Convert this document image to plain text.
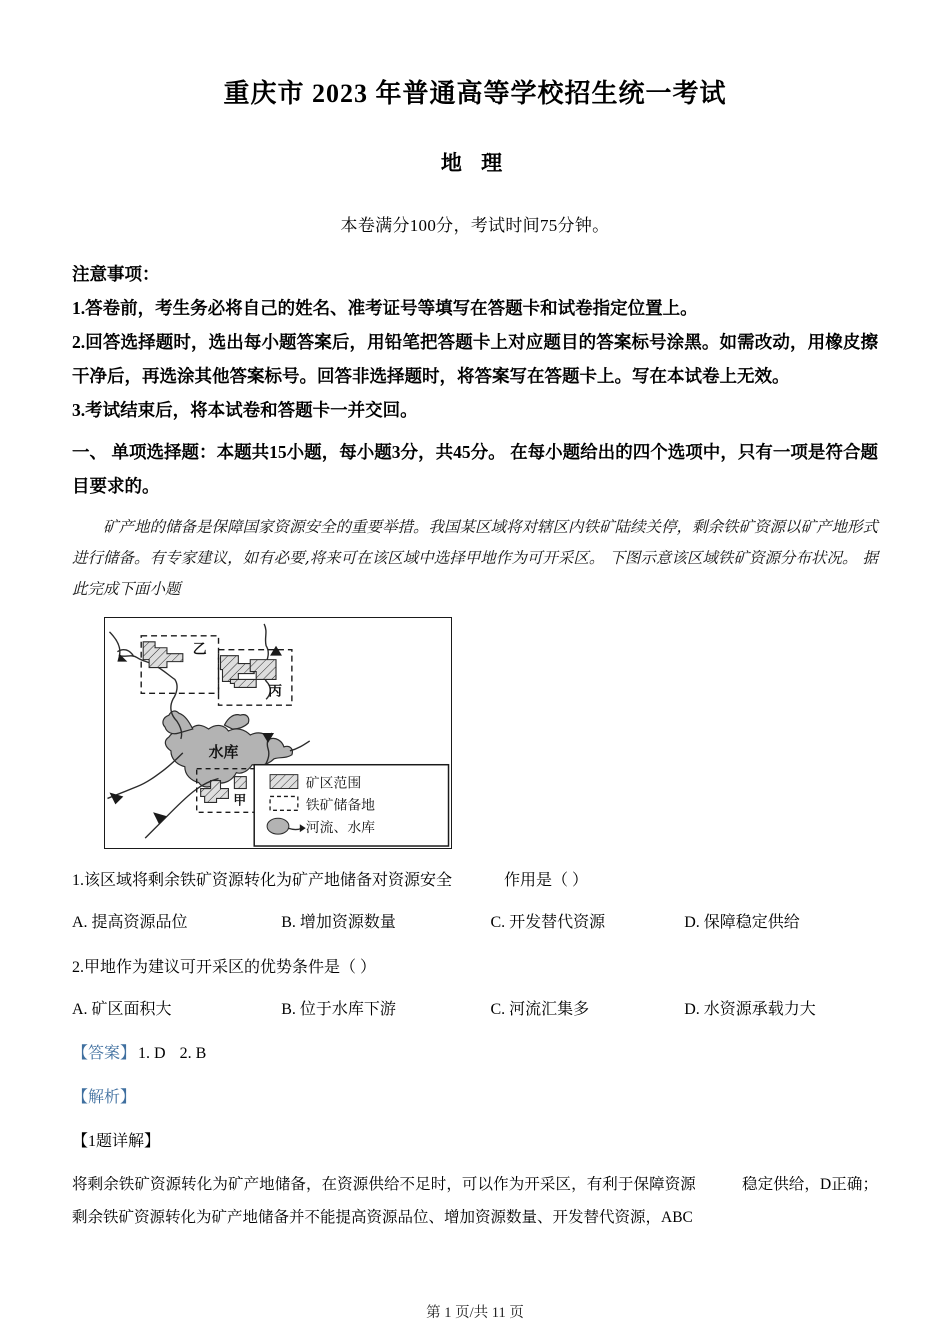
重庆市 2023 年普通高等学校招生统一考试
地 理

本卷满分100分，考试时间75分钟。

注意事项：

1.答卷前，考生务必将自己的姓名、准考证号等填写在答题卡和试卷指定位置上。

2.回答选择题时，选出每小题答案后，用铅笔把答题卡上对应题目的答案标号涂黑。如需改动，用橡皮擦干净后，再选涂其他答案标号。回答非选择题时，将答案写在答题卡上。写在本试卷上无效。

3.考试结束后，将本试卷和答题卡一并交回。

一、 单项选择题：本题共15小题，每小题3分，共45分。 在每小题给出的四个选项中，只有一项是符合题目要求的。

矿产地的储备是保障国家资源安全的重要举措。我国某区域将对辖区内铁矿陆续关停，剩余铁矿资源以矿产地形式进行储备。有专家建议，如有必要,将来可在该区域中选择甲地作为可开采区。 下图示意该区域铁矿资源分布状况。 据此完成下面小题

水库
乙
丙
甲
矿区范围
铁矿储备地
河流、水库

1.该区域将剩余铁矿资源转化为矿产地储备对资源安全	作用是（ ）

A. 提高资源品位	B. 增加资源数量	C. 开发替代资源	D. 保障稳定供给

2.甲地作为建议可开采区的优势条件是（ ）

A. 矿区面积大	B. 位于水库下游	C. 河流汇集多	D. 水资源承载力大

【答案】 1. D 2. B

【解析】

【1题详解】

将剩余铁矿资源转化为矿产地储备，在资源供给不足时，可以作为开采区，有利于保障资源	稳定供给，D正确；剩余铁矿资源转化为矿产地储备并不能提高资源品位、增加资源数量、开发替代资源，ABC

第 1 页/共 11 页
